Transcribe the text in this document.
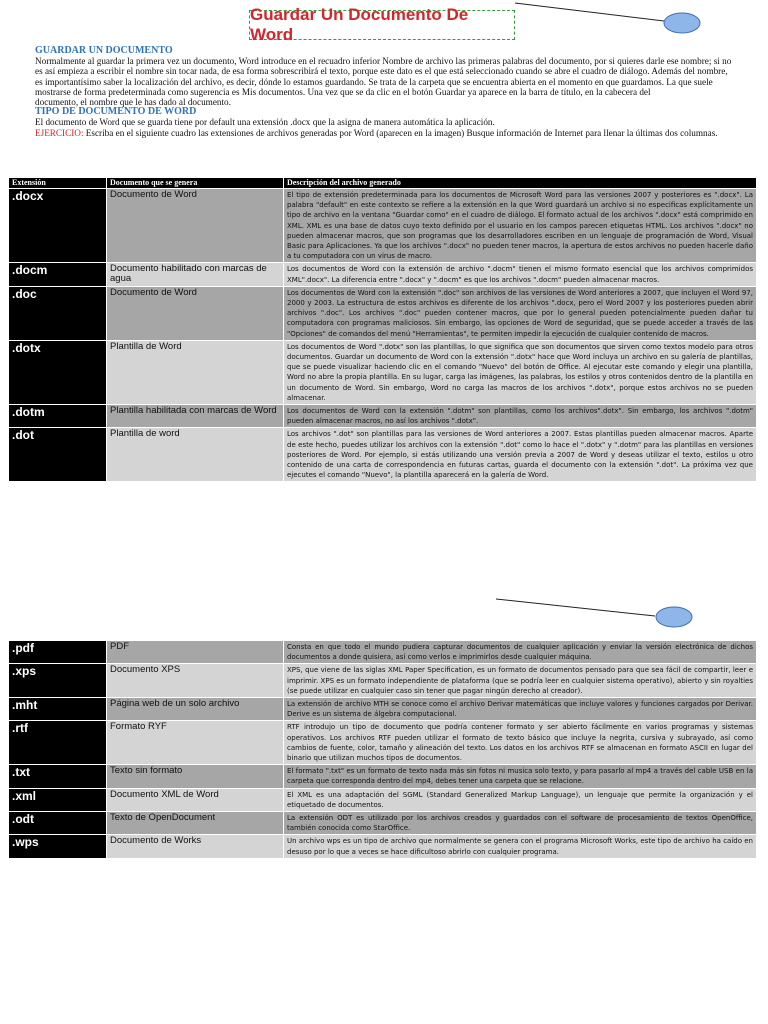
Guardar Un Documento De Word

GUARDAR UN DOCUMENTO

Normalmente al guardar la primera vez un documento, Word introduce en el recuadro inferior Nombre de archivo las primeras palabras del documento, por si quieres darle ese nombre; si no es así empieza a escribir el nombre sin tocar nada, de esa forma sobrescribirá el texto, porque este dato es el que está seleccionado cuando se abre el cuadro de diálogo. Además del nombre, es importantísimo saber la localización del archivo, es decir, dónde lo estamos guardando. Se trata de la carpeta que se encuentra abierta en el momento en que guardamos. La que suele mostrarse de forma predeterminada como sugerencia es Mis documentos. Una vez que se da clic en el botón Guardar ya aparece en la barra de título, en la cabecera del

documento, el nombre que le has dado al documento.

TIPO DE DOCUMENTO DE WORD

El documento de Word que se guarda tiene por default una extensión .docx que la asigna de manera automática la aplicación.

EJERCICIO: Escriba en el siguiente cuadro las extensiones de archivos generadas por Word (aparecen en la imagen) Busque información de Internet para llenar la últimas dos columnas.

Extensión	Documento que se genera	Descripción del archivo generado
.docx	Documento de Word	El tipo de extensión predeterminada para los documentos de Microsoft Word para las versiones 2007 y posteriores es ".docx". La palabra "default" en este contexto se refiere a la extensión en la que Word guardará un archivo si no especificas explícitamente un tipo de archivo en la ventana "Guardar como" en el cuadro de diálogo. El formato actual de los archivos ".docx" está comprimido en XML. XML es una base de datos cuyo texto definido por el usuario en los campos parecen etiquetas HTML. Los archivos ".docx" no pueden almacenar macros, que son programas que los desarrolladores escriben en un lenguaje de programación de Word, Visual Basic para Aplicaciones. Ya que los archivos ".docx" no pueden tener macros, la apertura de estos archivos no pueden hacerle daño a tu computadora con un virus de macro.
.docm	Documento habilitado con marcas de agua	Los documentos de Word con la extensión de archivo ".docm" tienen el mismo formato esencial que los archivos comprimidos XML".docx". La diferencia entre ".docx" y ".docm" es que los archivos ".docm" pueden almacenar macros.
.doc	Documento de Word	Los documentos de Word con la extensión ".doc" son archivos de las versiones de Word anteriores a 2007, que incluyen el Word 97, 2000 y 2003. La estructura de estos archivos es diferente de los archivos ".docx, pero el Word 2007 y los posteriores pueden abrir archivos ".doc". Los archivos ".doc" pueden contener macros, que por lo general pueden potencialmente pueden dañar tu computadora con programas maliciosos. Sin embargo, las opciones de Word de seguridad, que se puede acceder a través de las "Opciones" de comandos del menú "Herramientas", te permiten impedir la ejecución de cualquier contenido de macros.
.dotx	Plantilla de Word	Los documentos de Word ".dotx" son las plantillas, lo que significa que son documentos que sirven como textos modelo para otros documentos. Guardar un documento de Word con la extensión ".dotx" hace que Word incluya un archivo en su galería de plantillas, que se puede visualizar haciendo clic en el comando "Nuevo" del botón de Office. Al ejecutar este comando y elegir una plantilla, Word no abre la propia plantilla. En su lugar, carga las imágenes, las palabras, los estilos y otros contenidos dentro de la plantilla en un documento de Word. Sin embargo, Word no carga las macros de los archivos ".dotx", porque estos archivos no se pueden almacenar.
.dotm	Plantilla habilitada con marcas de Word	Los documentos de Word con la extensión ".dotm" son plantillas, como los archivos".dotx". Sin embargo, los archivos ".dotm" pueden almacenar macros, no así los archivos ".dotx".
.dot	Plantilla de word	Los archivos ".dot" son plantillas para las versiones de Word anteriores a 2007. Estas plantillas pueden almacenar macros. Aparte de este hecho, puedes utilizar los archivos con la extensión ".dot" como lo hace el ".dotx" y ".dotm" para las plantillas en versiones posteriores de Word. Por ejemplo, si estás utilizando una versión previa a 2007 de Word y deseas utilizar el texto, estilos u otro contenido de una carta de correspondencia en futuras cartas, guarda el documento con la extensión ".dot". La próxima vez que ejecutes el comando "Nuevo", la plantilla aparecerá en la galería de Word.
.pdf	PDF	Consta en que todo el mundo pudiera capturar documentos de cualquier aplicación y enviar la versión electrónica de dichos documentos a donde quisiera, así como verlos e imprimirlos desde cualquier máquina.
.xps	Documento XPS	XPS, que viene de las siglas XML Paper Specification, es un formato de documentos pensado para que sea fácil de compartir, leer e imprimir. XPS es un formato independiente de plataforma (que se podría leer en cualquier sistema operativo), abierto y sin royalties (se puede utilizar en cualquier caso sin tener que pagar ningún derecho al creador).
.mht	Página web de un solo archivo	La extensión de archivo MTH se conoce como el archivo Derivar matemáticas que incluye valores y funciones cargados por Derivar. Derive es un sistema de álgebra computacional.
.rtf	Formato RYF	RTF introdujo un tipo de documento que podría contener formato y ser abierto fácilmente en varios programas y sistemas operativos. Los archivos RTF pueden utilizar el formato de texto básico que incluye la negrita, cursiva y subrayado, así como cambios de fuente, color, tamaño y alineación del texto. Los datos en los archivos RTF se almacenan en formato ASCII en lugar del binario que utilizan muchos tipos de documentos.
.txt	Texto sin formato	El formato ".txt" es un formato de texto nada más sin fotos ni musica solo texto, y para pasarlo al mp4 a través del cable USB en la carpeta que corresponda dentro del mp4, debes tener una carpeta que se relacione.
.xml	Documento XML de Word	El XML es una adaptación del SGML (Standard Generalized Markup Language), un lenguaje que permite la organización y el etiquetado de documentos.
.odt	Texto de OpenDocument	La extensión ODT es utilizado por los archivos creados y guardados con el software de procesamiento de textos OpenOffice, también conocida como StarOffice.
.wps	Documento de Works	Un archivo wps es un tipo de archivo que normalmente se genera con el programa Microsoft Works, este tipo de archivo ha caído en desuso por lo que a veces se hace dificultoso abrirlo con cualquier programa.
